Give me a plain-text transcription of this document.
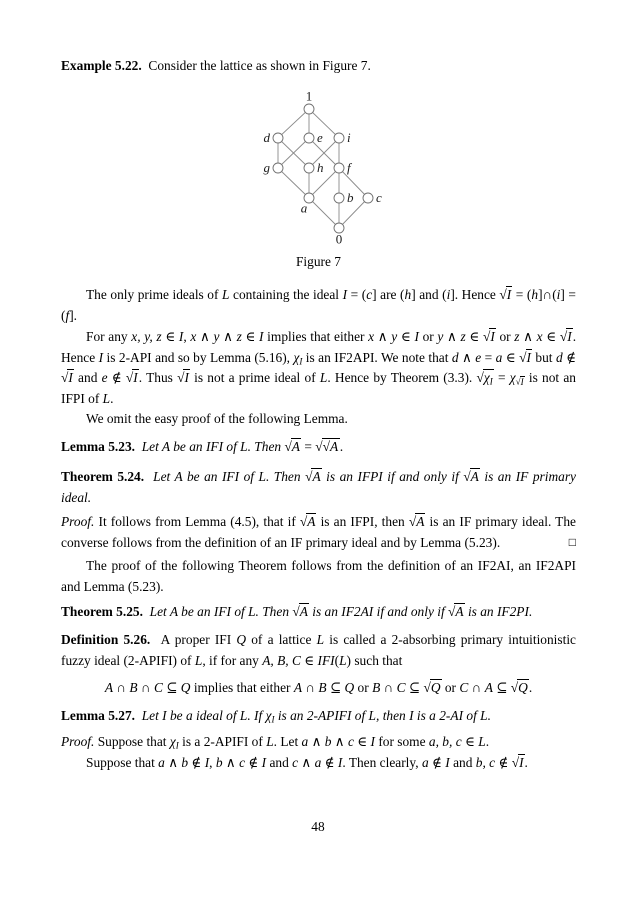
Example 5.22. Consider the lattice as shown in Figure 7.
1
d	e i
g	h f
a
b c
0
Figure 7
The only prime ideals of L containing the ideal I = (c] are (h] and (i]. Hence √I = (h]∩(i] = (f].
For any x, y, z ∈ I, x ∧ y ∧ z ∈ I implies that either x ∧ y ∈ I or y ∧ z ∈ √I or z ∧ x ∈ √I. Hence I is 2-API and so by Lemma (5.16), $\chi_I$ is an IF2API. We note that d ∧ e = a ∈ √I but d ∉ √I and e ∉ √I. Thus √I is not a prime ideal of L. Hence by Theorem (3.3). $√\chi_I = \chi_{√I}$ is not an IFPI of L.
We omit the easy proof of the following Lemma.
Lemma 5.23. Let A be an IFI of L. Then √A = √√A .
Theorem 5.24. Let A be an IFI of L. Then √A is an IFPI if and only if √A is an IF primary ideal.
□
Proof. It follows from Lemma (4.5), that if √A is an IFPI, then √A is an IF primary ideal. The converse follows from the definition of an IF primary ideal and by Lemma (5.23).
The proof of the following Theorem follows from the definition of an IF2AI, an IF2API and Lemma (5.23).
Theorem 5.25. Let A be an IFI of L. Then √A is an IF2AI if and only if √A is an IF2PI.
Definition 5.26. A proper IFI Q of a lattice L is called a 2-absorbing primary intuitionistic fuzzy ideal (2-APIFI) of L, if for any A, B, C ∈ IFI(L) such that
A ∩ B ∩ C ⊆ Q implies that either A ∩ B ⊆ Q or B ∩ C ⊆ √Q or C ∩ A ⊆ √Q.
Lemma 5.27. Let I be a ideal of L. If $\chi_I$ is an 2-APIFI of L, then I is a 2-AI of L.
Proof. Suppose that $\chi_I$ is a 2-APIFI of L. Let a ∧ b ∧ c ∈ I for some a, b, c ∈ L.
Suppose that a ∧ b ∉ I, b ∧ c ∉ I and c ∧ a ∉ I. Then clearly, a ∉ I and b, c ∉ √I.
48
